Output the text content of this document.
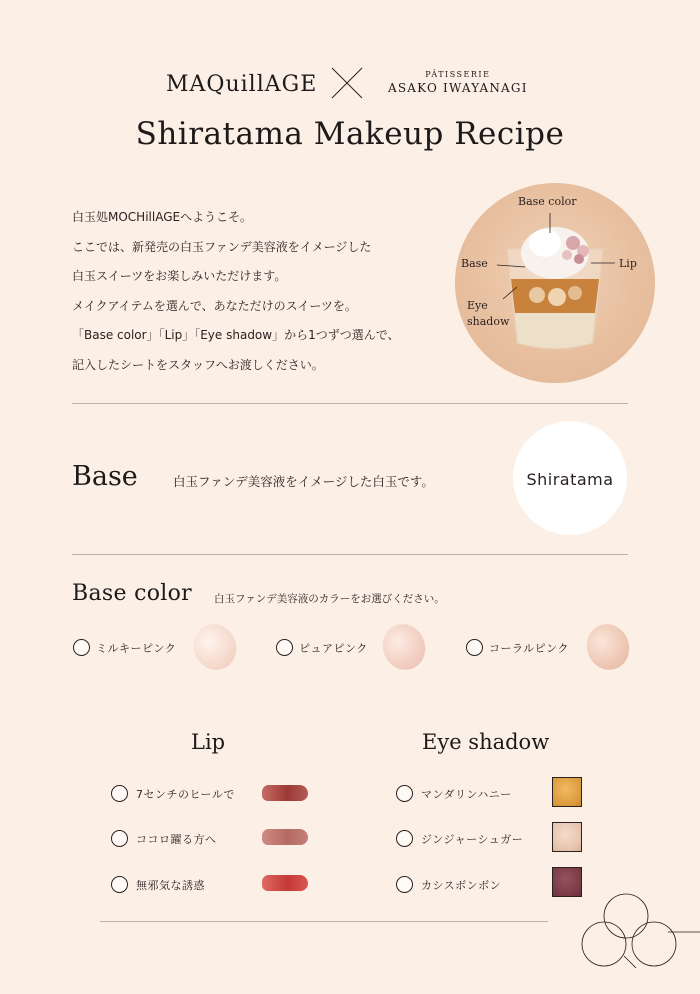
MAQuillAGE	PÂTISSERIE
ASAKO IWAYANAGI
Shiratama Makeup Recipe
白玉処MOCHillAGEへようこそ。
ここでは、新発売の白玉ファンデ美容液をイメージした
白玉スイーツをお楽しみいただけます。
メイクアイテムを選んで、あなただけのスイーツを。
「Base color」「Lip」「Eye shadow」から1つずつ選んで、
記入したシートをスタッフへお渡しください。
Base color
Base	Lip
Eye
shadow
Base	白玉ファンデ美容液をイメージした白玉です。	Shiratama
Base color 白玉ファンデ美容液のカラーをお選びください。
ミルキーピンク	ピュアピンク	コーラルピンク
Lip
7センチのヒールで
ココロ躍る方へ
無邪気な誘惑
Eye shadow
マンダリンハニー
ジンジャーシュガー
カシスボンボン
